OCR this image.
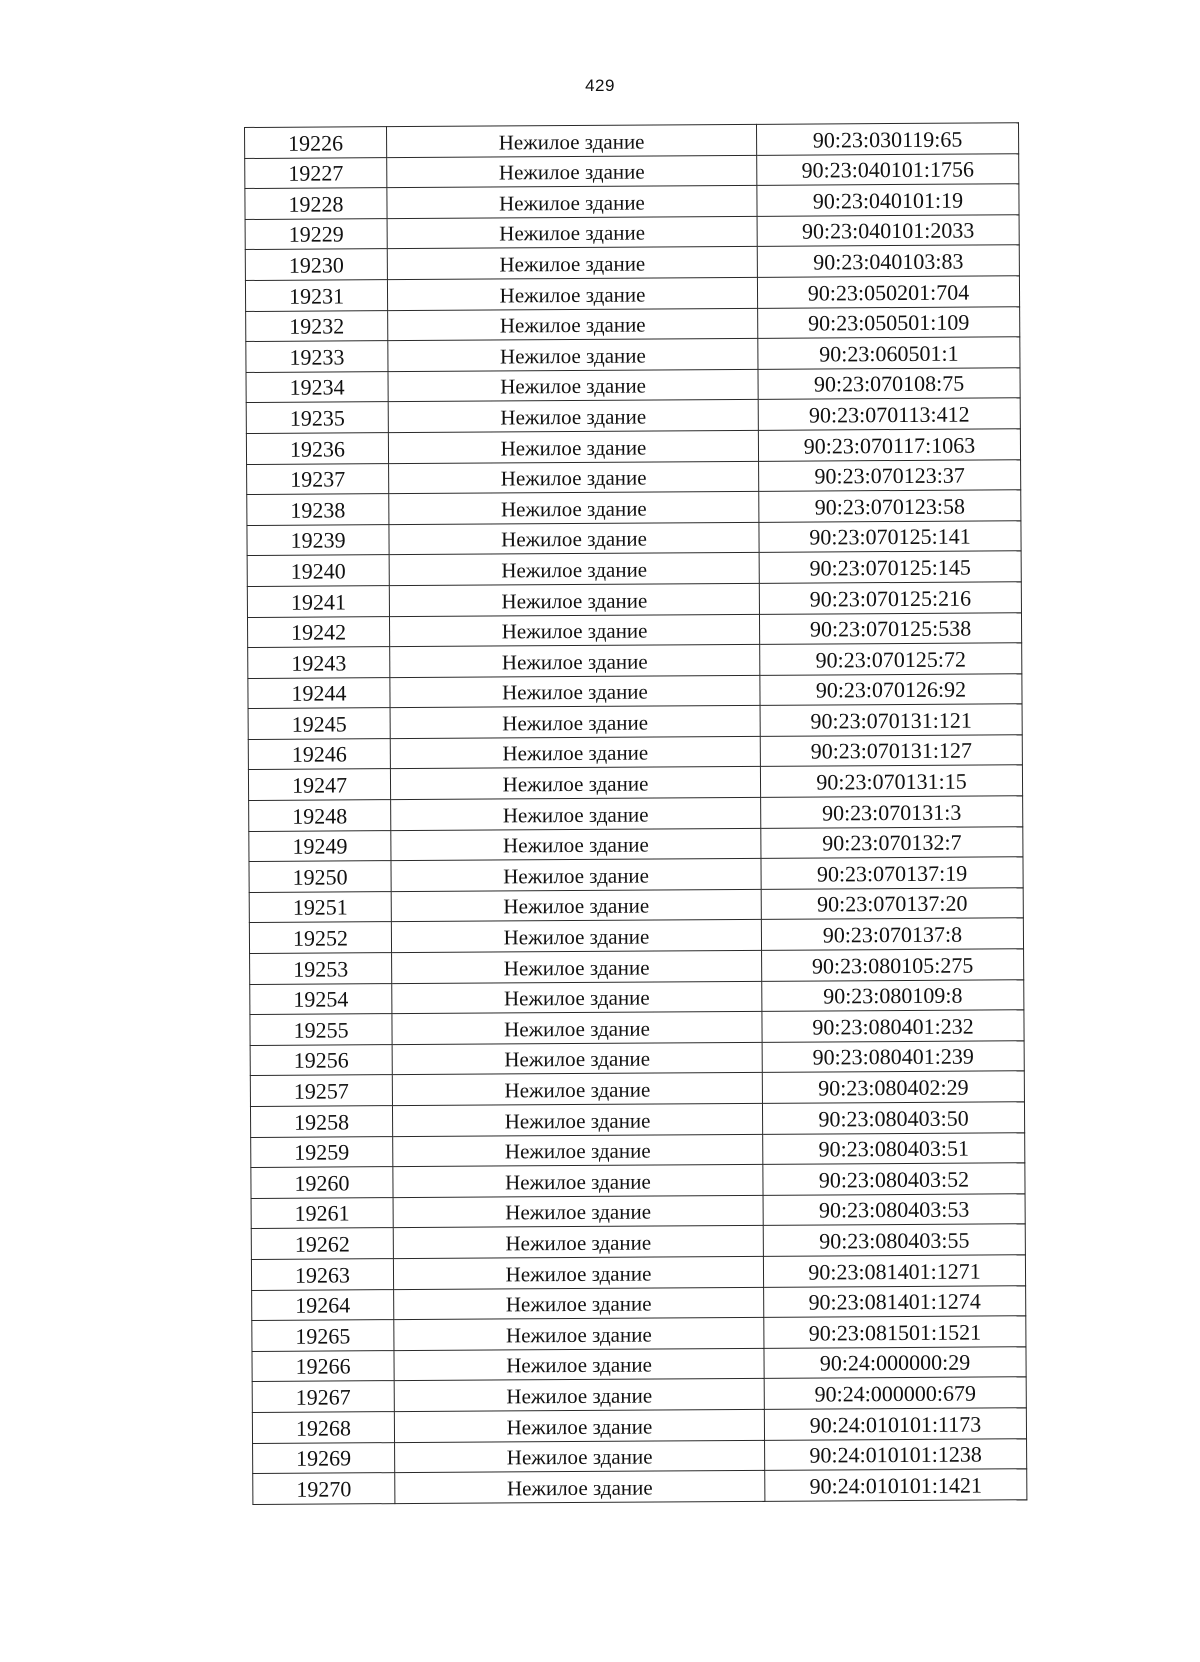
429
19226	Нежилое здание	90:23:030119:65
19227	Нежилое здание	90:23:040101:1756
19228	Нежилое здание	90:23:040101:19
19229	Нежилое здание	90:23:040101:2033
19230	Нежилое здание	90:23:040103:83
19231	Нежилое здание	90:23:050201:704
19232	Нежилое здание	90:23:050501:109
19233	Нежилое здание	90:23:060501:1
19234	Нежилое здание	90:23:070108:75
19235	Нежилое здание	90:23:070113:412
19236	Нежилое здание	90:23:070117:1063
19237	Нежилое здание	90:23:070123:37
19238	Нежилое здание	90:23:070123:58
19239	Нежилое здание	90:23:070125:141
19240	Нежилое здание	90:23:070125:145
19241	Нежилое здание	90:23:070125:216
19242	Нежилое здание	90:23:070125:538
19243	Нежилое здание	90:23:070125:72
19244	Нежилое здание	90:23:070126:92
19245	Нежилое здание	90:23:070131:121
19246	Нежилое здание	90:23:070131:127
19247	Нежилое здание	90:23:070131:15
19248	Нежилое здание	90:23:070131:3
19249	Нежилое здание	90:23:070132:7
19250	Нежилое здание	90:23:070137:19
19251	Нежилое здание	90:23:070137:20
19252	Нежилое здание	90:23:070137:8
19253	Нежилое здание	90:23:080105:275
19254	Нежилое здание	90:23:080109:8
19255	Нежилое здание	90:23:080401:232
19256	Нежилое здание	90:23:080401:239
19257	Нежилое здание	90:23:080402:29
19258	Нежилое здание	90:23:080403:50
19259	Нежилое здание	90:23:080403:51
19260	Нежилое здание	90:23:080403:52
19261	Нежилое здание	90:23:080403:53
19262	Нежилое здание	90:23:080403:55
19263	Нежилое здание	90:23:081401:1271
19264	Нежилое здание	90:23:081401:1274
19265	Нежилое здание	90:23:081501:1521
19266	Нежилое здание	90:24:000000:29
19267	Нежилое здание	90:24:000000:679
19268	Нежилое здание	90:24:010101:1173
19269	Нежилое здание	90:24:010101:1238
19270	Нежилое здание	90:24:010101:1421
